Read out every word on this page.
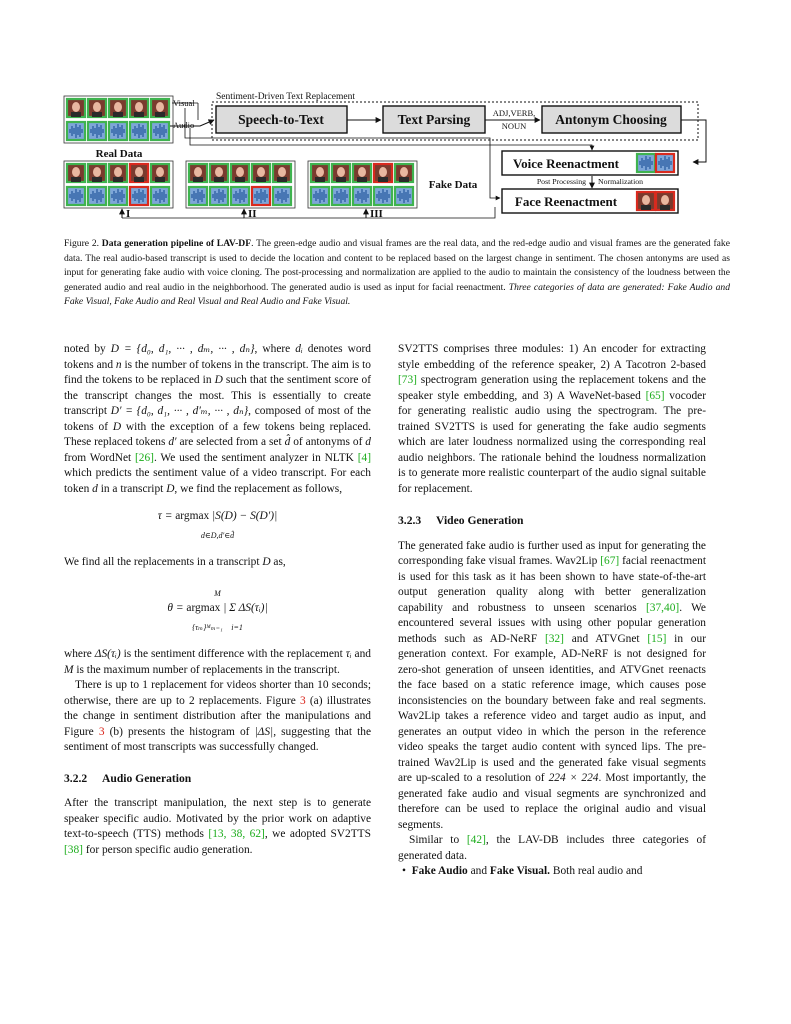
Visual
Audio
Sentiment-Driven Text Replacement
Speech-to-Text	Text Parsing	ADJ,VERB,
NOUN Antonym Choosing
Voice Reenactment
Post Processing Normalization
Face Reenactment
Real Data
Fake Data
I	II	III
Figure 2. Data generation pipeline of LAV-DF. The green-edge audio and visual frames are the real data, and the red-edge audio and visual frames are the generated fake data. The real audio-based transcript is used to decide the location and content to be replaced based on the largest change in sentiment. The chosen antonyms are used as input for generating fake audio with voice cloning. The post-processing and normalization are applied to the audio to maintain the consistency of the loudness between the generated audio and real audio in the neighborhood. The generated audio is used as input for facial reenactment. Three categories of data are generated: Fake Audio and Fake Visual, Fake Audio and Real Visual and Real Audio and Fake Visual.

noted by D = {d₀, d₁, ··· , dₘ, ··· , dₙ}, where dᵢ denotes word tokens and n is the number of tokens in the transcript. The aim is to find the tokens to be replaced in D such that the sentiment score of the transcript changes the most. This is essentially to create transcript D′ = {d₀, d₁, ··· , d′ₘ, ··· , dₙ}, composed of most of the tokens of D with the exception of a few tokens being replaced. These replaced tokens d′ are selected from a set d̂ of antonyms of d from WordNet [26]. We used the sentiment analyzer in NLTK [4] which predicts the sentiment value of a video transcript. For each token d in a transcript D, we find the replacement as follows,

τ = argmax |S(D) − S(D′)|
$_{d\in D,d'\in d̂}$

We find all the replacements in a transcript D as,

$_M$
θ = argmax | Σ ΔS(τᵢ)|
$_{\{\tau_m\}ᴹ_{m=1}}$ $_{i=1}$

where ΔS(τᵢ) is the sentiment difference with the replacement τᵢ and M is the maximum number of replacements in the transcript.

There is up to 1 replacement for videos shorter than 10 seconds; otherwise, there are up to 2 replacements. Figure 3 (a) illustrates the change in sentiment distribution after the manipulations and Figure 3 (b) presents the histogram of |ΔS|, suggesting that the sentiment of most transcripts was successfully changed.

3.2.2 Audio Generation

After the transcript manipulation, the next step is to generate speaker specific audio. Motivated by the prior work on adaptive text-to-speech (TTS) methods [13, 38, 62], we adopted SV2TTS [38] for person specific audio generation.

SV2TTS comprises three modules: 1) An encoder for extracting style embedding of the reference speaker, 2) A Tacotron 2-based [73] spectrogram generation using the replacement tokens and the speaker style embedding, and 3) A WaveNet-based [65] vocoder for generating realistic audio using the spectrogram. The pre-trained SV2TTS is used for generating the fake audio segments which are later loudness normalized using the corresponding real audio neighbors. The rationale behind the loudness normalization is to generate more realistic counterpart of the audio signal suitable for replacement.

3.2.3 Video Generation

The generated fake audio is further used as input for generating the corresponding fake visual frames. Wav2Lip [67] facial reenactment is used for this task as it has been shown to have state-of-the-art output generation quality along with better generalization capability and robustness to unseen scenarios [37,40]. We encountered several issues with using other popular generation methods such as AD-NeRF [32] and ATVGnet [15] in our generation context. For example, AD-NeRF is not designed for zero-shot generation of unseen identities, and ATVGnet reenacts the face based on a static reference image, which causes pose inconsistencies on the boundary between fake and real segments. Wav2Lip takes a reference video and target audio as input, and generates an output video in which the person in the reference video speaks the target audio content with synced lips. The pre-trained Wav2Lip is used and the generated fake visual segments are up-scaled to a resolution of 224 × 224. Most importantly, the generated fake audio and visual segments are synchronized and therefore can be used to replace the original audio and visual segments.

Similar to [42], the LAV-DB includes three categories of generated data.

• Fake Audio and Fake Visual. Both real audio and
